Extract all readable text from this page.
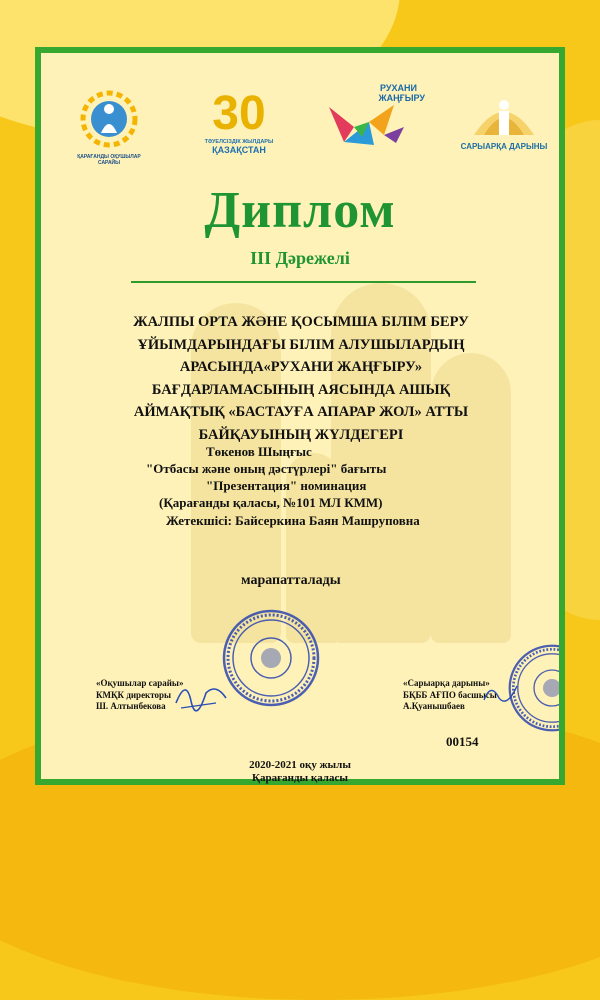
ҚАРАҒАНДЫ ОҚУШЫЛАР САРАЙЫ
30
ТӘУЕЛСІЗДІК ЖЫЛДАРЫ
ҚАЗАҚСТАН
РУХАНИ
ЖАҢҒЫРУ
САРЫАРҚА ДАРЫНЫ
Диплом
III Дәрежелі
ЖАЛПЫ ОРТА ЖӘНЕ ҚОСЫМША БІЛІМ БЕРУ
ҰЙЫМДАРЫНДАҒЫ БІЛІМ АЛУШЫЛАРДЫҢ
АРАСЫНДА«РУХАНИ ЖАҢҒЫРУ»
БАҒДАРЛАМАСЫНЫҢ АЯСЫНДА АШЫҚ
АЙМАҚТЫҚ «БАСТАУҒА АПАРАР ЖОЛ» АТТЫ
БАЙҚАУЫНЫҢ ЖҮЛДЕГЕРІ
Төкенов Шыңғыс
"Отбасы және оның дәстүрлері" бағыты
"Презентация" номинация
(Қарағанды қаласы, №101 МЛ КММ)
Жетекшісі: Байсеркина Баян Машруповна
марапатталады
«Оқушылар сарайы»
КМҚК директоры
Ш. Алтынбекова
«Сарыарқа дарыны»
БҚББ АҒПО басшысы
А.Қуанышбаев
00154
2020-2021 оқу жылы
Қарағанды қаласы
